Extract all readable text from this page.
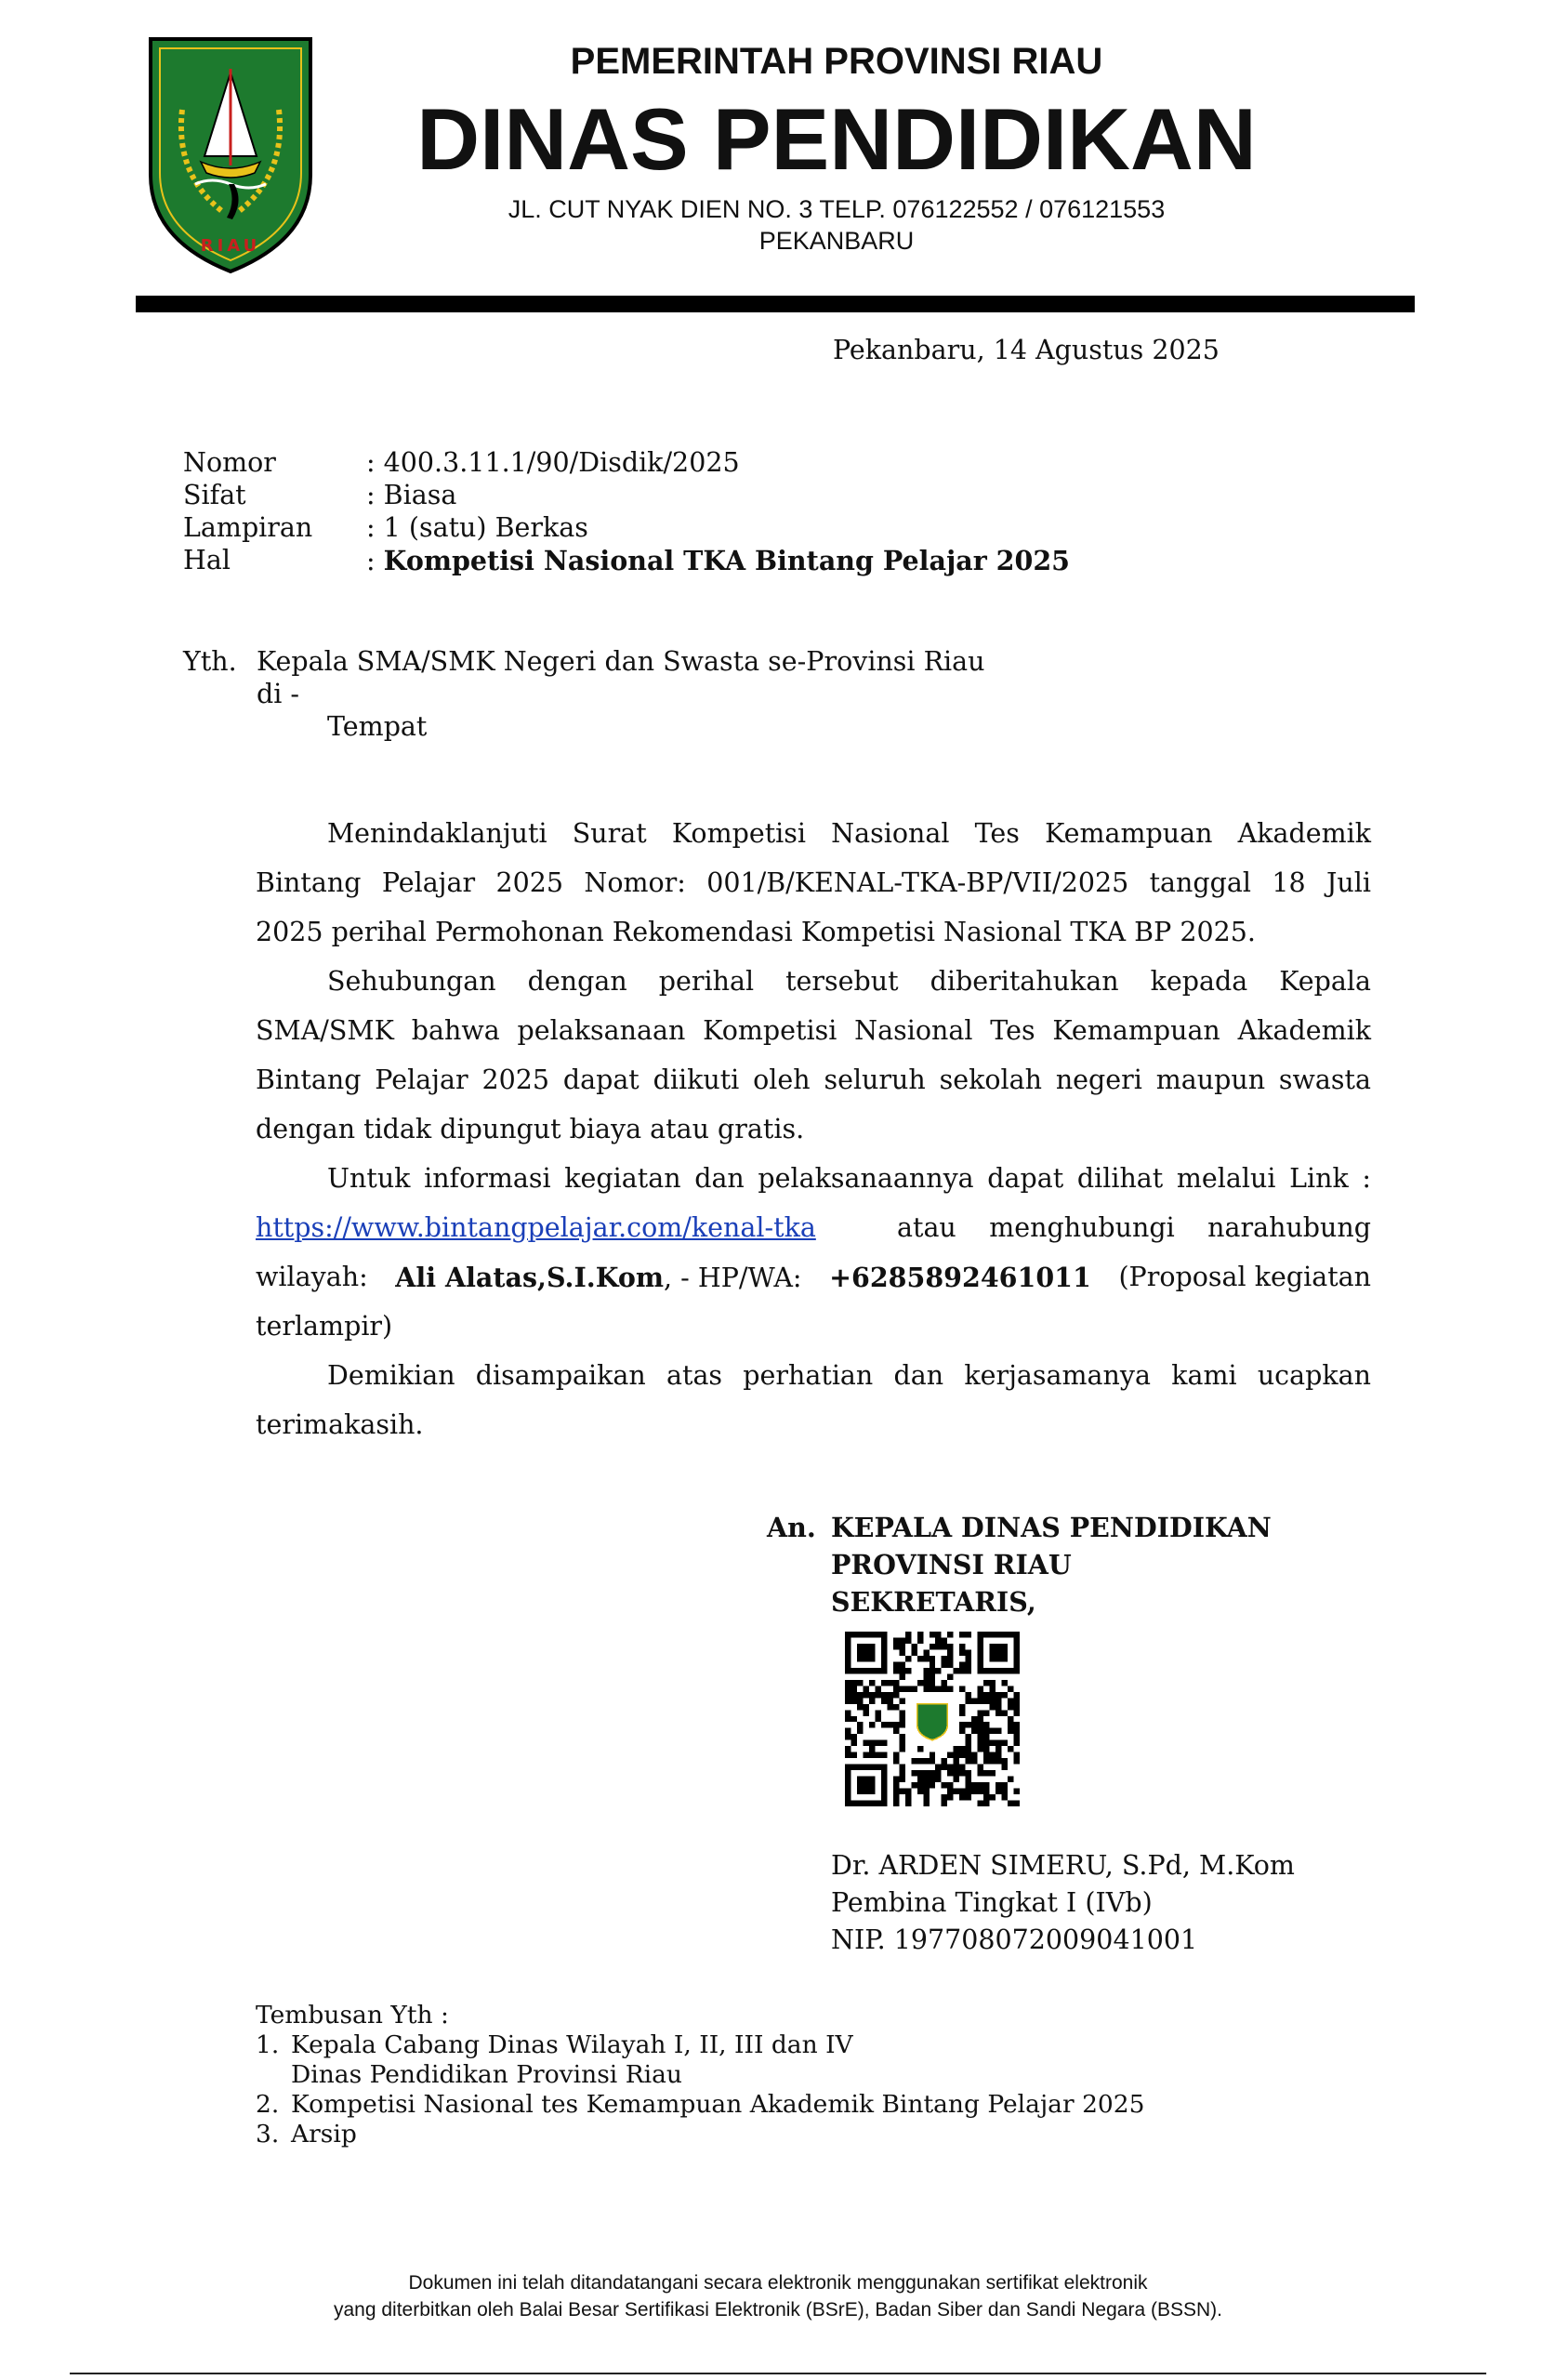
RIAU
PEMERINTAH PROVINSI RIAU
DINAS PENDIDIKAN
JL. CUT NYAK DIEN NO. 3 TELP. 076122552 / 076121553
PEKANBARU
Pekanbaru, 14 Agustus 2025
Nomor	: 400.3.11.1/90/Disdik/2025
Sifat	: Biasa
Lampiran : 1 (satu) Berkas
Hal	: Kompetisi Nasional TKA Bintang Pelajar 2025
Yth. Kepala SMA/SMK Negeri dan Swasta se-Provinsi Riau
di -
Tempat
Menindaklanjuti Surat Kompetisi Nasional Tes Kemampuan Akademik
Bintang Pelajar 2025 Nomor: 001/B/KENAL-TKA-BP/VII/2025 tanggal 18 Juli
2025 perihal Permohonan Rekomendasi Kompetisi Nasional TKA BP 2025.
Sehubungan dengan perihal tersebut diberitahukan kepada Kepala
SMA/SMK bahwa pelaksanaan Kompetisi Nasional Tes Kemampuan Akademik
Bintang Pelajar 2025 dapat diikuti oleh seluruh sekolah negeri maupun swasta
dengan tidak dipungut biaya atau gratis.
Untuk informasi kegiatan dan pelaksanaannya dapat dilihat melalui Link :
https://www.bintangpelajar.com/kenal-tka	atau menghubungi narahubung
wilayah: Ali Alatas,S.I.Kom, - HP/WA: +6285892461011 (Proposal kegiatan
terlampir)
Demikian disampaikan atas perhatian dan kerjasamanya kami ucapkan
terimakasih.
An. KEPALA DINAS PENDIDIKAN
PROVINSI RIAU
SEKRETARIS,
Dr. ARDEN SIMERU, S.Pd, M.Kom
Pembina Tingkat I (IVb)
NIP. 197708072009041001
Tembusan Yth :
1. Kepala Cabang Dinas Wilayah I, II, III dan IV
Dinas Pendidikan Provinsi Riau
2. Kompetisi Nasional tes Kemampuan Akademik Bintang Pelajar 2025
3. Arsip
Dokumen ini telah ditandatangani secara elektronik menggunakan sertifikat elektronik
yang diterbitkan oleh Balai Besar Sertifikasi Elektronik (BSrE), Badan Siber dan Sandi Negara (BSSN).
